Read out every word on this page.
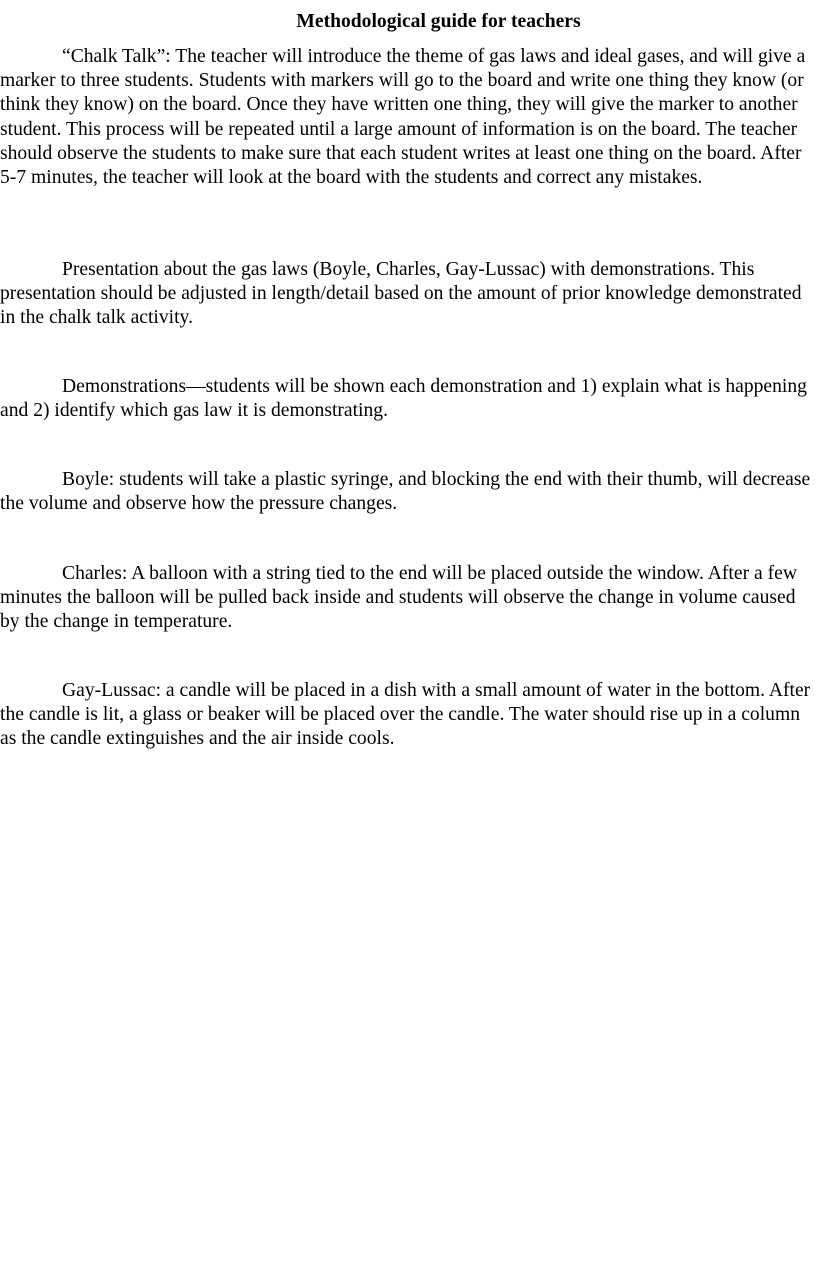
Methodological guide for teachers

“Chalk Talk”: The teacher will introduce the theme of gas laws and ideal gases, and will give a marker to three students. Students with markers will go to the board and write one thing they know (or think they know) on the board. Once they have written one thing, they will give the marker to another student. This process will be repeated until a large amount of information is on the board. The teacher should observe the students to make sure that each student writes at least one thing on the board. After 5-7 minutes, the teacher will look at the board with the students and correct any mistakes.

Presentation about the gas laws (Boyle, Charles, Gay-Lussac) with demonstrations. This presentation should be adjusted in length/detail based on the amount of prior knowledge demonstrated in the chalk talk activity.

Demonstrations—students will be shown each demonstration and 1) explain what is happening and 2) identify which gas law it is demonstrating.

Boyle: students will take a plastic syringe, and blocking the end with their thumb, will decrease the volume and observe how the pressure changes.

Charles: A balloon with a string tied to the end will be placed outside the window. After a few minutes the balloon will be pulled back inside and students will observe the change in volume caused by the change in temperature.

Gay-Lussac: a candle will be placed in a dish with a small amount of water in the bottom. After the candle is lit, a glass or beaker will be placed over the candle. The water should rise up in a column as the candle extinguishes and the air inside cools.
